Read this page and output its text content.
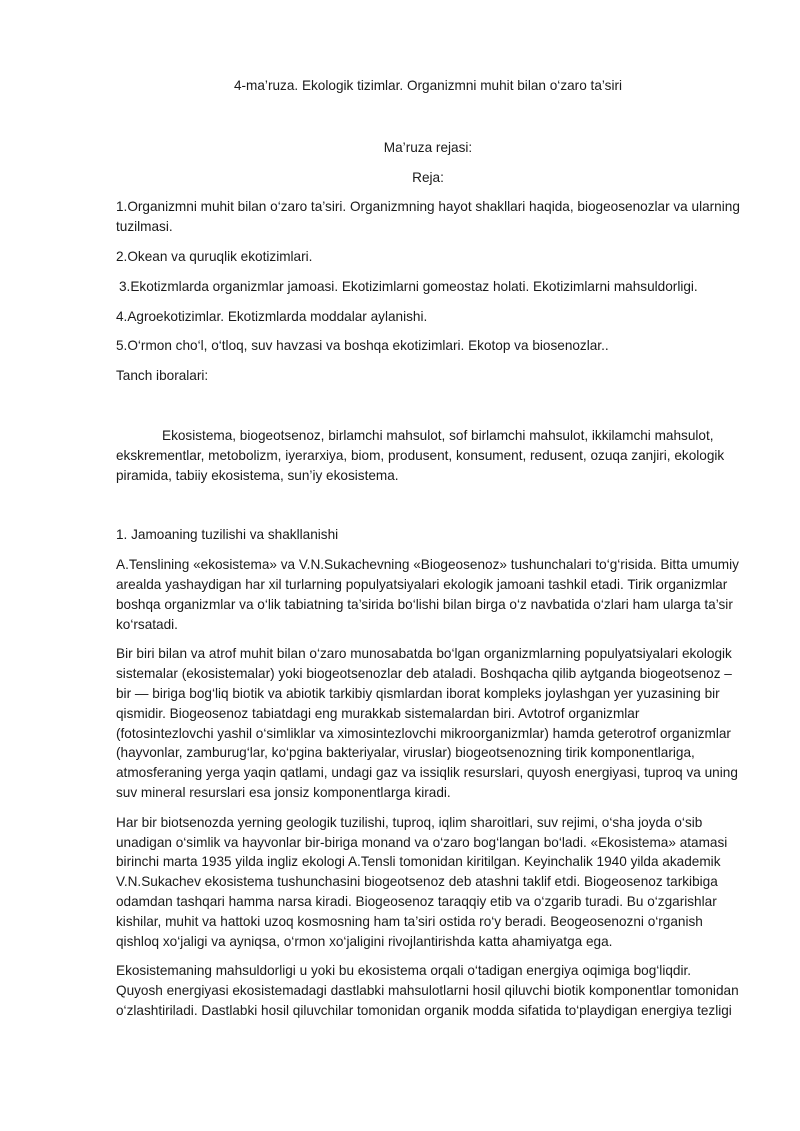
4-ma’ruza. Ekologik tizimlar. Organizmni muhit bilan o‘zaro ta’siri

Ma’ruza rejasi:

Reja:

1.Organizmni muhit bilan o‘zaro ta’siri. Organizmning hayot shakllari haqida, biogeosenozlar va ularning tuzilmasi.

2.Okean va quruqlik ekotizimlari.

3.Ekotizmlarda organizmlar jamoasi. Ekotizimlarni gomeostaz holati. Ekotizimlarni mahsuldorligi.

4.Agroekotizimlar. Ekotizmlarda moddalar aylanishi.

5.O‘rmon cho‘l, o‘tloq, suv havzasi va boshqa ekotizimlari. Ekotop va biosenozlar..

Tanch iboralari:

Ekosistema, biogeotsenoz, birlamchi mahsulot, sof birlamchi mahsulot, ikkilamchi mahsulot, ekskrementlar, metobolizm, iyerarxiya, biom, produsent, konsument, redusent, ozuqa zanjiri, ekologik piramida, tabiiy ekosistema, sun’iy ekosistema.

1. Jamoaning tuzilishi va shakllanishi

A.Tenslining «ekosistema» va V.N.Sukachevning «Biogeosenoz» tushunchalari to‘g‘risida. Bitta umumiy arealda yashaydigan har xil turlarning populyatsiyalari ekologik jamoani tashkil etadi. Tirik organizmlar boshqa organizmlar va o‘lik tabiatning ta’sirida bo‘lishi bilan birga o‘z navbatida o‘zlari ham ularga ta’sir ko‘rsatadi.

Bir biri bilan va atrof muhit bilan o‘zaro munosabatda bo‘lgan organizmlarning populyatsiyalari ekologik sistemalar (ekosistemalar) yoki biogeotsenozlar deb ataladi. Boshqacha qilib aytganda biogeotsenoz – bir — biriga bog‘liq biotik va abiotik tarkibiy qismlardan iborat kompleks joylashgan yer yuzasining bir qismidir. Biogeosenoz tabiatdagi eng murakkab sistemalardan biri. Avtotrof organizmlar (fotosintezlovchi yashil o‘simliklar va ximosintezlovchi mikroorganizmlar) hamda geterotrof organizmlar (hayvonlar, zamburug‘lar, ko‘pgina bakteriyalar, viruslar) biogeotsenozning tirik komponentlariga, atmosferaning yerga yaqin qatlami, undagi gaz va issiqlik resurslari, quyosh energiyasi, tuproq va uning suv mineral resurslari esa jonsiz komponentlarga kiradi.

Har bir biotsenozda yerning geologik tuzilishi, tuproq, iqlim sharoitlari, suv rejimi, o‘sha joyda o‘sib unadigan o‘simlik va hayvonlar bir-biriga monand va o‘zaro bog‘langan bo‘ladi. «Ekosistema» atamasi birinchi marta 1935 yilda ingliz ekologi A.Tensli tomonidan kiritilgan. Keyinchalik 1940 yilda akademik V.N.Sukachev ekosistema tushunchasini biogeotsenoz deb atashni taklif etdi. Biogeosenoz tarkibiga odamdan tashqari hamma narsa kiradi. Biogeosenoz taraqqiy etib va o‘zgarib turadi. Bu o‘zgarishlar kishilar, muhit va hattoki uzoq kosmosning ham ta’siri ostida ro‘y beradi. Beogeosenozni o‘rganish qishloq xo‘jaligi va ayniqsa, o‘rmon xo‘jaligini rivojlantirishda katta ahamiyatga ega.

Ekosistemaning mahsuldorligi u yoki bu ekosistema orqali o‘tadigan energiya oqimiga bog‘liqdir. Quyosh energiyasi ekosistemadagi dastlabki mahsulotlarni hosil qiluvchi biotik komponentlar tomonidan o‘zlashtiriladi. Dastlabki hosil qiluvchilar tomonidan organik modda sifatida to‘playdigan energiya tezligi
